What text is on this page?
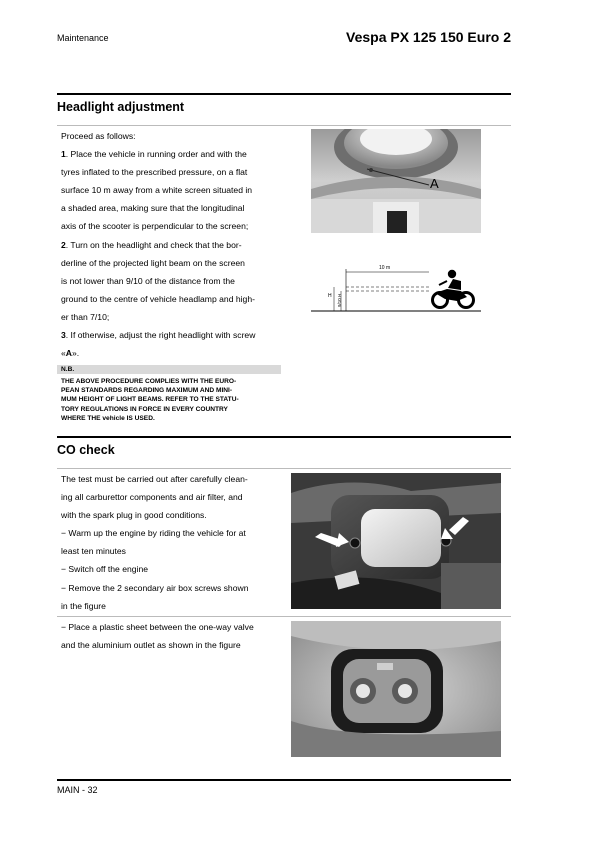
Maintenance	Vespa PX 125 150 Euro 2
Headlight adjustment

Proceed as follows:

1. Place the vehicle in running order and with the

tyres inflated to the prescribed pressure, on a flat

surface 10 m away from a white screen situated in

a shaded area, making sure that the longitudinal

axis of the scooter is perpendicular to the screen;

2. Turn on the headlight and check that the bor-

derline of the projected light beam on the screen

is not lower than 9/10 of the distance from the

ground to the centre of vehicle headlamp and high-

er than 7/10;

3. If otherwise, adjust the right headlight with screw

«A».

N.B.
THE ABOVE PROCEDURE COMPLIES WITH THE EURO-
PEAN STANDARDS REGARDING MAXIMUM AND MINI-
MUM HEIGHT OF LIGHT BEAMS. REFER TO THE STATU-
TORY REGULATIONS IN FORCE IN EVERY COUNTRY
WHERE THE vehicle IS USED.
A
10 m
H 9/10 H
CO check

The test must be carried out after carefully clean-

ing all carburettor components and air filter, and

with the spark plug in good conditions.

− Warm up the engine by riding the vehicle for at

least ten minutes

− Switch off the engine

− Remove the 2 secondary air box screws shown

in the figure

− Place a plastic sheet between the one-way valve

and the aluminium outlet as shown in the figure

MAIN - 32
